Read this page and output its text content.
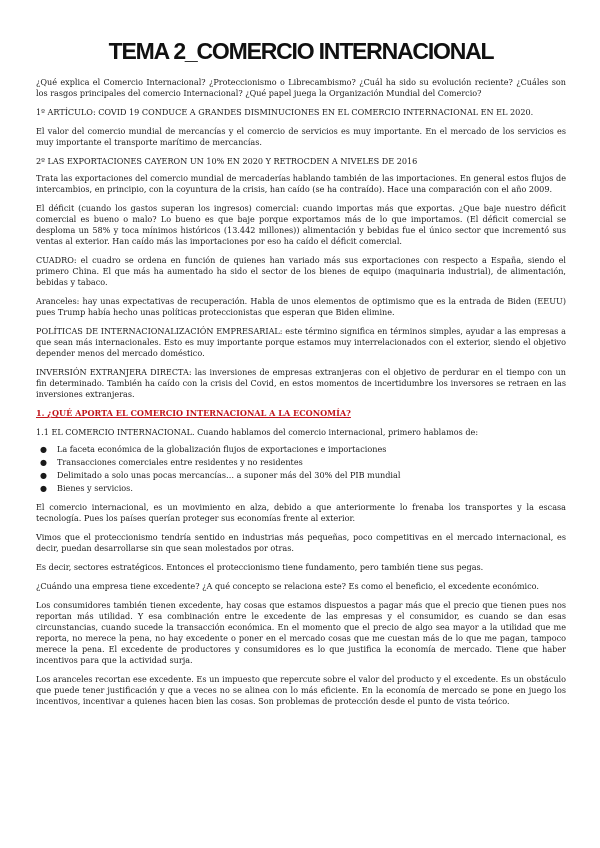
TEMA 2_COMERCIO INTERNACIONAL

¿Qué explica el Comercio Internacional? ¿Proteccionismo o Librecambismo? ¿Cuál ha sido su evolución reciente? ¿Cuáles son los rasgos principales del comercio Internacional? ¿Qué papel juega la Organización Mundial del Comercio?

1º ARTÍCULO: COVID 19 CONDUCE A GRANDES DISMINUCIONES EN EL COMERCIO INTERNACIONAL EN EL 2020.

El valor del comercio mundial de mercancías y el comercio de servicios es muy importante. En el mercado de los servicios es muy importante el transporte marítimo de mercancías.

2º LAS EXPORTACIONES CAYERON UN 10% EN 2020 Y RETROCDEN A NIVELES DE 2016

Trata las exportaciones del comercio mundial de mercaderías hablando también de las importaciones. En general estos flujos de intercambios, en principio, con la coyuntura de la crisis, han caído (se ha contraído). Hace una comparación con el año 2009.

El déficit (cuando los gastos superan los ingresos) comercial: cuando importas más que exportas. ¿Que baje nuestro déficit comercial es bueno o malo? Lo bueno es que baje porque exportamos más de lo que importamos. (El déficit comercial se desploma un 58% y toca mínimos históricos (13.442 millones)) alimentación y bebidas fue el único sector que incrementó sus ventas al exterior. Han caído más las importaciones por eso ha caído el déficit comercial.

CUADRO: el cuadro se ordena en función de quienes han variado más sus exportaciones con respecto a España, siendo el primero China. El que más ha aumentado ha sido el sector de los bienes de equipo (maquinaria industrial), de alimentación, bebidas y tabaco.

Aranceles: hay unas expectativas de recuperación. Habla de unos elementos de optimismo que es la entrada de Biden (EEUU) pues Trump había hecho unas políticas proteccionistas que esperan que Biden elimine.

POLÍTICAS DE INTERNACIONALIZACIÓN EMPRESARIAL: este término significa en términos simples, ayudar a las empresas a que sean más internacionales. Esto es muy importante porque estamos muy interrelacionados con el exterior, siendo el objetivo depender menos del mercado doméstico.

INVERSIÓN EXTRANJERA DIRECTA: las inversiones de empresas extranjeras con el objetivo de perdurar en el tiempo con un fin determinado. También ha caído con la crisis del Covid, en estos momentos de incertidumbre los inversores se retraen en las inversiones extranjeras.

1. ¿QUÉ APORTA EL COMERCIO INTERNACIONAL A LA ECONOMÍA?

1.1 EL COMERCIO INTERNACIONAL. Cuando hablamos del comercio internacional, primero hablamos de:

● La faceta económica de la globalización flujos de exportaciones e importaciones
● Transacciones comerciales entre residentes y no residentes
● Delimitado a solo unas pocas mercancías… a suponer más del 30% del PIB mundial
● Bienes y servicios.

El comercio internacional, es un movimiento en alza, debido a que anteriormente lo frenaba los transportes y la escasa tecnología. Pues los países querían proteger sus economías frente al exterior.

Vimos que el proteccionismo tendría sentido en industrias más pequeñas, poco competitivas en el mercado internacional, es decir, puedan desarrollarse sin que sean molestados por otras.

Es decir, sectores estratégicos. Entonces el proteccionismo tiene fundamento, pero también tiene sus pegas.

¿Cuándo una empresa tiene excedente? ¿A qué concepto se relaciona este? Es como el beneficio, el excedente económico.

Los consumidores también tienen excedente, hay cosas que estamos dispuestos a pagar más que el precio que tienen pues nos reportan más utilidad. Y esa combinación entre le excedente de las empresas y el consumidor, es cuando se dan esas circunstancias, cuando sucede la transacción económica. En el momento que el precio de algo sea mayor a la utilidad que me reporta, no merece la pena, no hay excedente o poner en el mercado cosas que me cuestan más de lo que me pagan, tampoco merece la pena. El excedente de productores y consumidores es lo que justifica la economía de mercado. Tiene que haber incentivos para que la actividad surja.

Los aranceles recortan ese excedente. Es un impuesto que repercute sobre el valor del producto y el excedente. Es un obstáculo que puede tener justificación y que a veces no se alinea con lo más eficiente. En la economía de mercado se pone en juego los incentivos, incentivar a quienes hacen bien las cosas. Son problemas de protección desde el punto de vista teórico.
